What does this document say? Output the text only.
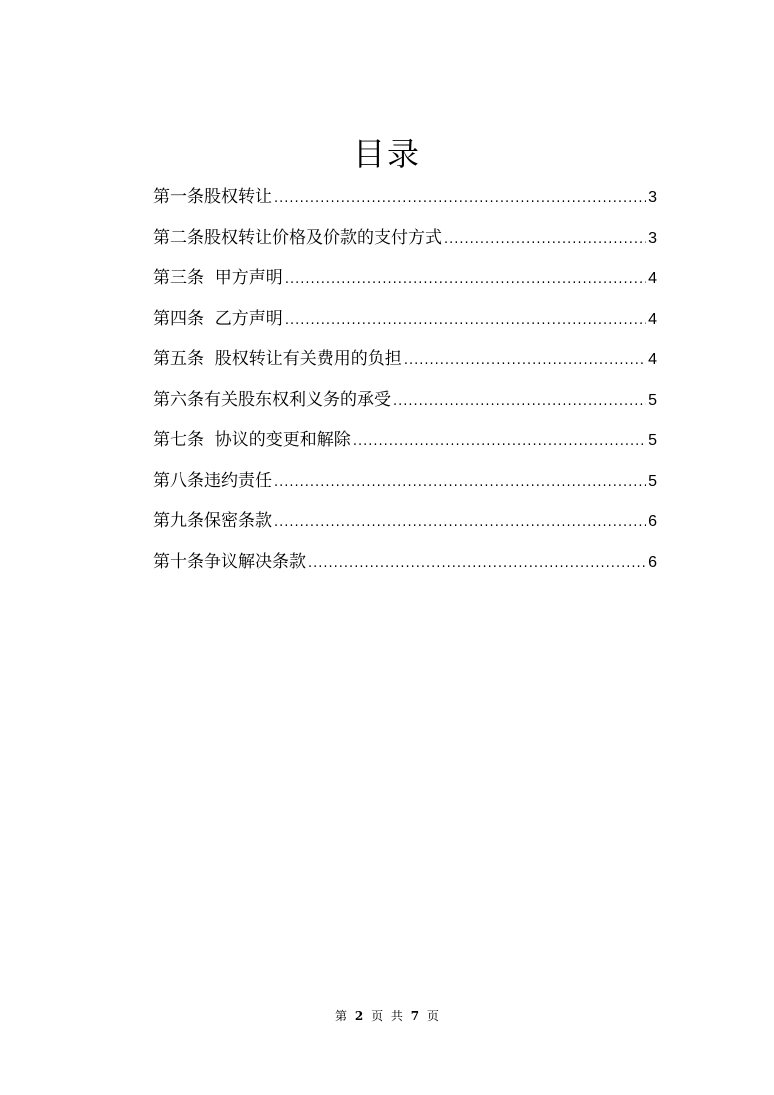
目录
第一条股权转让 .....	3
第二条股权转让价格及价款的支付方式 .....	3
第三条  甲方声明 .....	4
第四条  乙方声明 .....	4
第五条  股权转让有关费用的负担 .....	4
第六条有关股东权利义务的承受 .....	5
第七条  协议的变更和解除 .....	5
第八条违约责任 .....	5
第九条保密条款 .....	6
第十条争议解决条款 .....	6
第 2 页 共 7 页
